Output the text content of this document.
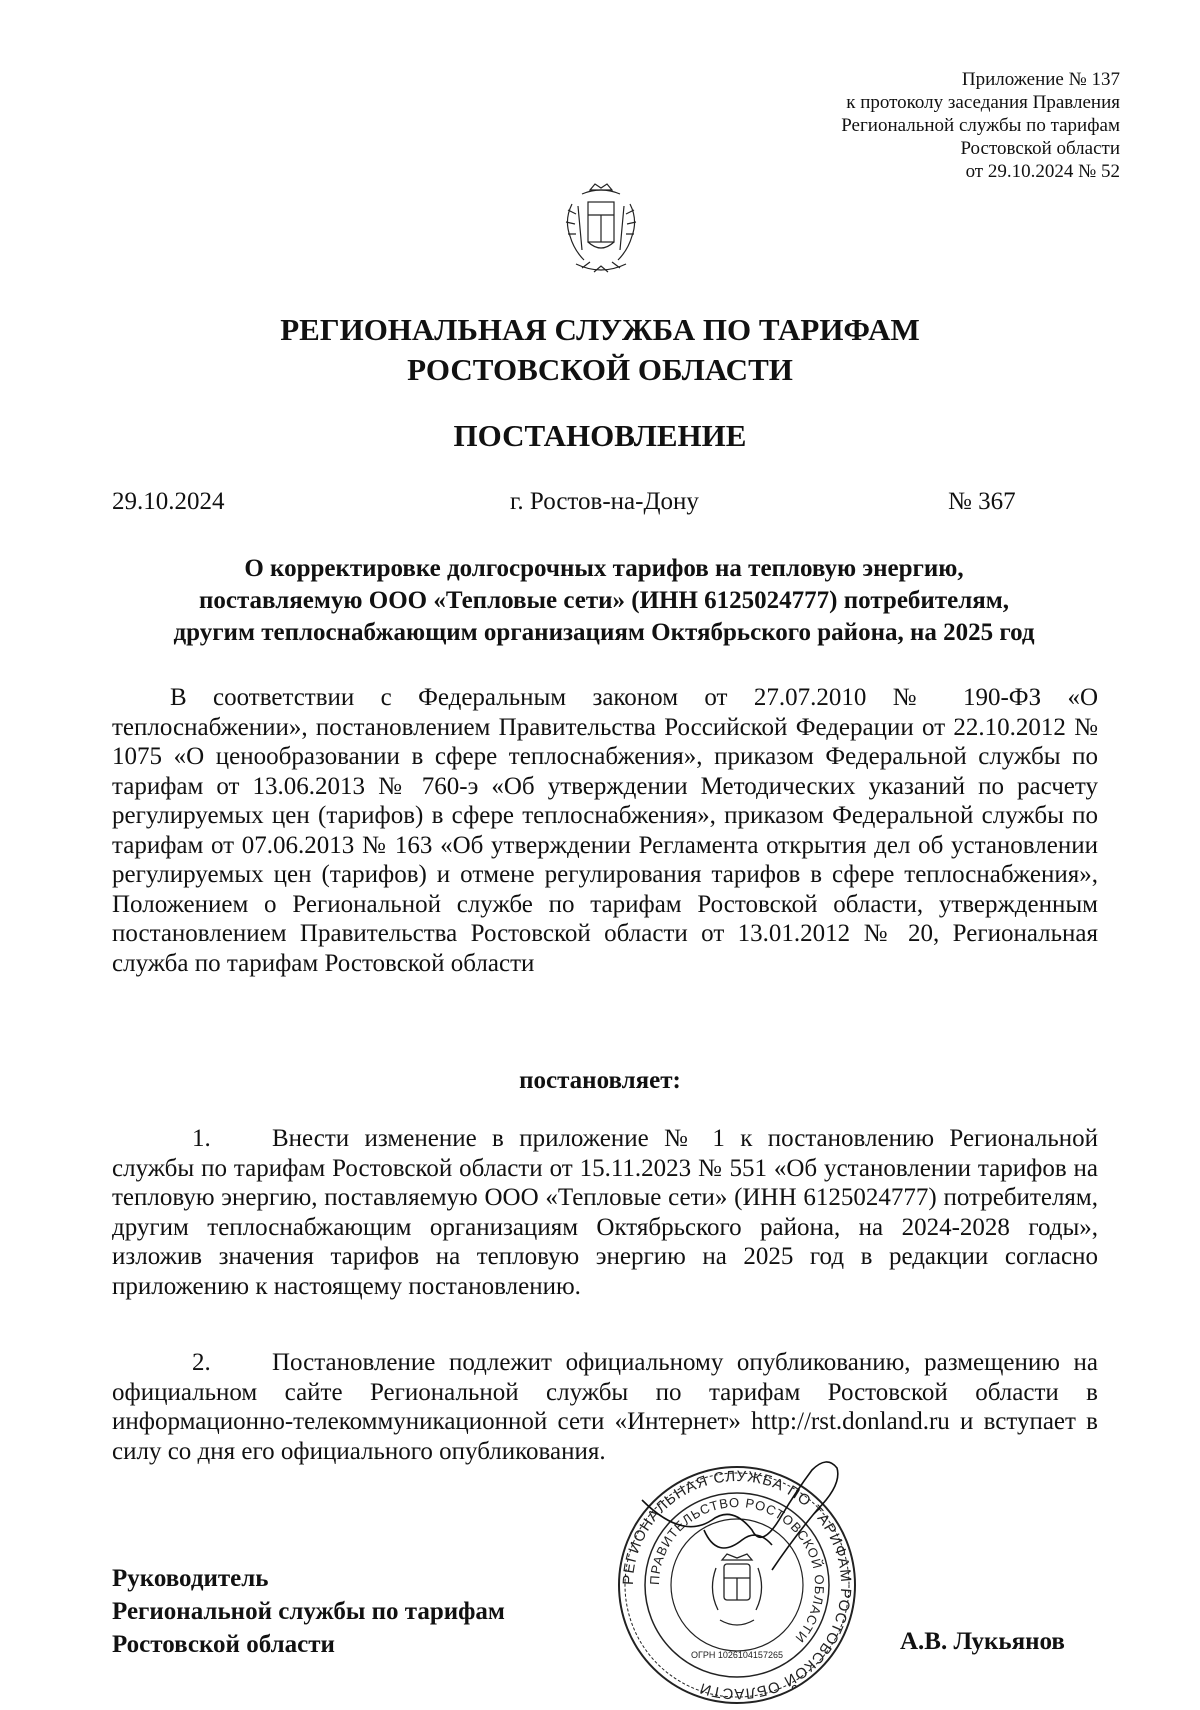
Приложение № 137
к протоколу заседания Правления
Региональной службы по тарифам
Ростовской области
от 29.10.2024 № 52
РЕГИОНАЛЬНАЯ СЛУЖБА ПО ТАРИФАМ
РОСТОВСКОЙ ОБЛАСТИ
ПОСТАНОВЛЕНИЕ
29.10.2024	г. Ростов-на-Дону	№ 367
О корректировке долгосрочных тарифов на тепловую энергию,
поставляемую ООО «Тепловые сети» (ИНН 6125024777) потребителям,
другим теплоснабжающим организациям Октябрьского района, на 2025 год
В соответствии с Федеральным законом от 27.07.2010 № 190-ФЗ «О теплоснабжении», постановлением Правительства Российской Федерации от 22.10.2012 № 1075 «О ценообразовании в сфере теплоснабжения», приказом Федеральной службы по тарифам от 13.06.2013 № 760-э «Об утверждении Методических указаний по расчету регулируемых цен (тарифов) в сфере теплоснабжения», приказом Федеральной службы по тарифам от 07.06.2013 № 163 «Об утверждении Регламента открытия дел об установлении регулируемых цен (тарифов) и отмене регулирования тарифов в сфере теплоснабжения», Положением о Региональной службе по тарифам Ростовской области, утвержденным постановлением Правительства Ростовской области от 13.01.2012 № 20, Региональная служба по тарифам Ростовской области
постановляет:
1. Внести изменение в приложение № 1 к постановлению Региональной службы по тарифам Ростовской области от 15.11.2023 № 551 «Об установлении тарифов на тепловую энергию, поставляемую ООО «Тепловые сети» (ИНН 6125024777) потребителям, другим теплоснабжающим организациям Октябрьского района, на 2024-2028 годы», изложив значения тарифов на тепловую энергию на 2025 год в редакции согласно приложению к настоящему постановлению.
2. Постановление подлежит официальному опубликованию, размещению на официальном сайте Региональной службы по тарифам Ростовской области в информационно-телекоммуникационной сети «Интернет» http://rst.donland.ru и вступает в силу со дня его официального опубликования.
Руководитель
Региональной службы по тарифам
Ростовской области	А.В. Лукьянов
РЕГИОНАЛЬНАЯ СЛУЖБА ПО ТАРИФАМ РОСТОВСКОЙ ОБЛАСТИ
ПРАВИТЕЛЬСТВО РОСТОВСКОЙ ОБЛАСТИ
ОГРН 1026104157265
